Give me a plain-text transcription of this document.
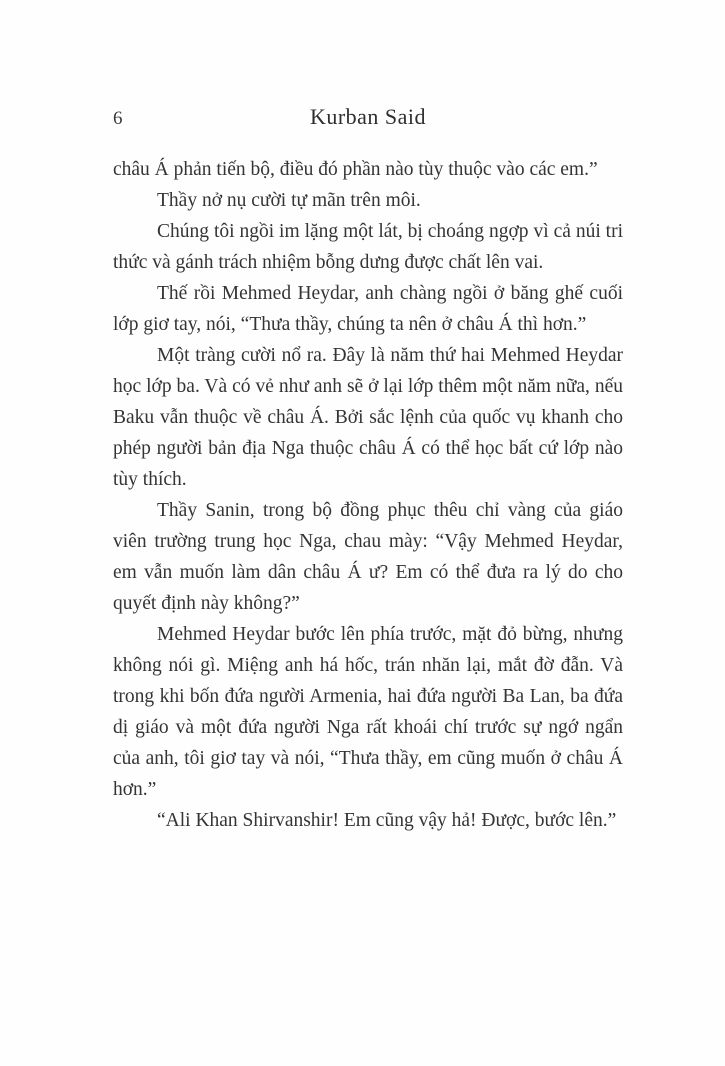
6	Kurban Said

châu Á phản tiến bộ, điều đó phần nào tùy thuộc vào các em.”

Thầy nở nụ cười tự mãn trên môi.

Chúng tôi ngồi im lặng một lát, bị choáng ngợp vì cả núi tri thức và gánh trách nhiệm bỗng dưng được chất lên vai.

Thế rồi Mehmed Heydar, anh chàng ngồi ở băng ghế cuối lớp giơ tay, nói, “Thưa thầy, chúng ta nên ở châu Á thì hơn.”

Một tràng cười nổ ra. Đây là năm thứ hai Mehmed Heydar học lớp ba. Và có vẻ như anh sẽ ở lại lớp thêm một năm nữa, nếu Baku vẫn thuộc về châu Á. Bởi sắc lệnh của quốc vụ khanh cho phép người bản địa Nga thuộc châu Á có thể học bất cứ lớp nào tùy thích.

Thầy Sanin, trong bộ đồng phục thêu chỉ vàng của giáo viên trường trung học Nga, chau mày: “Vậy Mehmed Heydar, em vẫn muốn làm dân châu Á ư? Em có thể đưa ra lý do cho quyết định này không?”

Mehmed Heydar bước lên phía trước, mặt đỏ bừng, nhưng không nói gì. Miệng anh há hốc, trán nhăn lại, mắt đờ đẫn. Và trong khi bốn đứa người Armenia, hai đứa người Ba Lan, ba đứa dị giáo và một đứa người Nga rất khoái chí trước sự ngớ ngẩn của anh, tôi giơ tay và nói, “Thưa thầy, em cũng muốn ở châu Á hơn.”

“Ali Khan Shirvanshir! Em cũng vậy hả! Được, bước lên.”
